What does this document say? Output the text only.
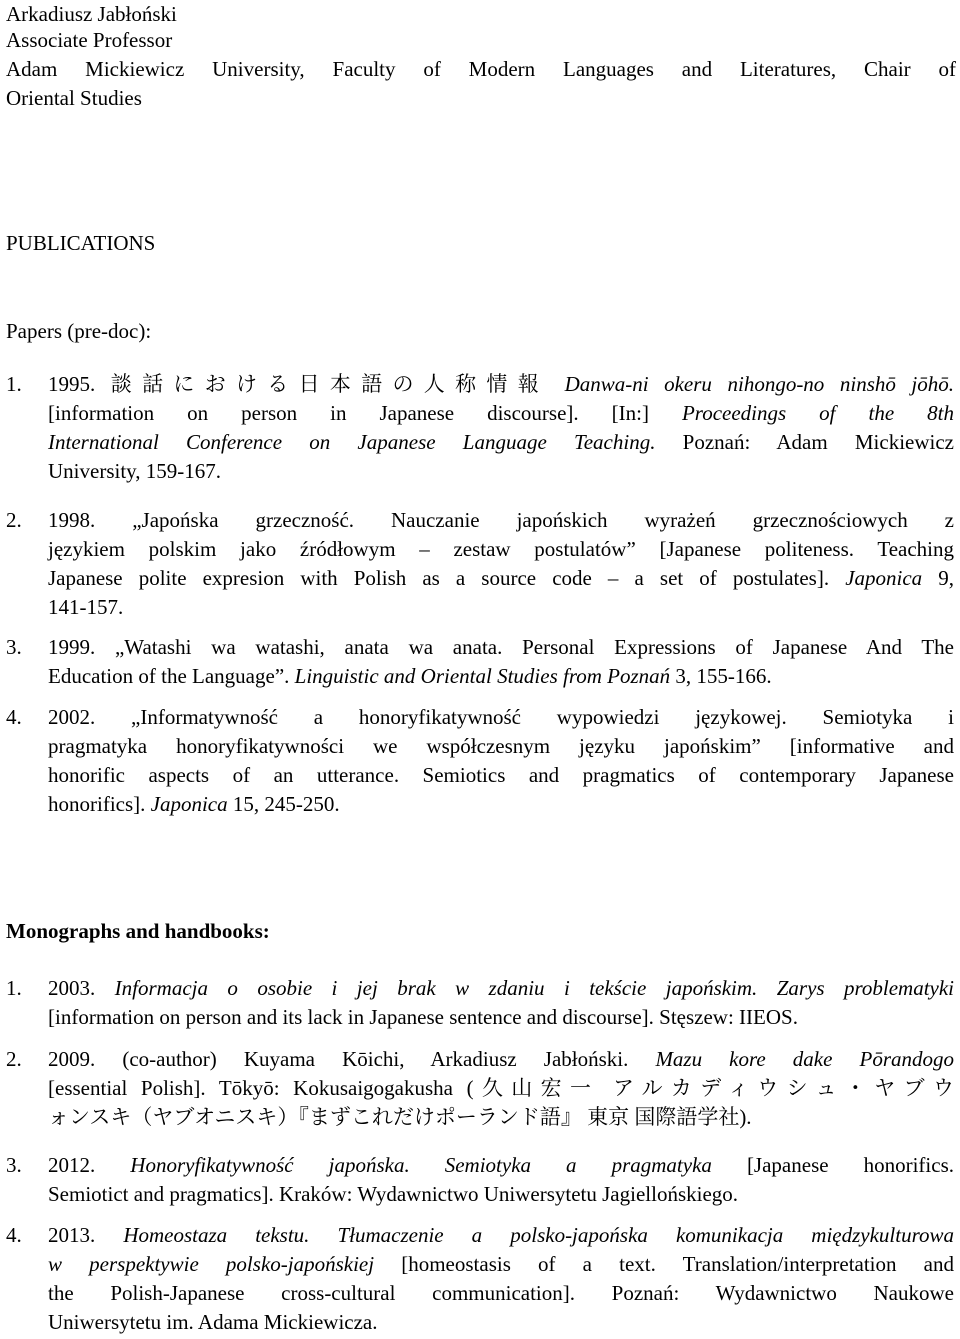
Arkadiusz Jabłoński
Associate Professor
Adam Mickiewicz University, Faculty of Modern Languages and Literatures, Chair of
Oriental Studies
PUBLICATIONS
Papers (pre-doc):
1. 1995. 談話における日本語の人称情報 Danwa-ni okeru nihongo-no ninshō jōhō.
[information on person in Japanese discourse]. [In:] Proceedings of the 8th
International Conference on Japanese Language Teaching. Poznań: Adam Mickiewicz
University, 159-167.
2. 1998. „Japońska grzeczność. Nauczanie japońskich wyrażeń grzecznościowych z
językiem polskim jako źródłowym – zestaw postulatów” [Japanese politeness. Teaching
Japanese polite expresion with Polish as a source code – a set of postulates]. Japonica 9,
141-157.
3. 1999. „Watashi wa watashi, anata wa anata. Personal Expressions of Japanese And The
Education of the Language”. Linguistic and Oriental Studies from Poznań 3, 155-166.
4. 2002. „Informatywność a honoryfikatywność wypowiedzi językowej. Semiotyka i
pragmatyka honoryfikatywności we współczesnym języku japońskim” [informative and
honorific aspects of an utterance. Semiotics and pragmatics of contemporary Japanese
honorifics]. Japonica 15, 245-250.
Monographs and handbooks:
1. 2003. Informacja o osobie i jej brak w zdaniu i tekście japońskim. Zarys problematyki
[information on person and its lack in Japanese sentence and discourse]. Stęszew: IIEOS.
2. 2009. (co-author) Kuyama Kōichi, Arkadiusz Jabłoński. Mazu kore dake Pōrandogo
[essential Polish]. Tōkyō: Kokusaigogakusha (久山宏一 アルカディウシュ・ヤブウ
ォンスキ（ヤブオニスキ）『まずこれだけポーランド語』 東京 国際語学社).
3. 2012. Honoryfikatywność japońska. Semiotyka a pragmatyka [Japanese honorifics.
Semiotict and pragmatics]. Kraków: Wydawnictwo Uniwersytetu Jagiellońskiego.
4. 2013. Homeostaza tekstu. Tłumaczenie a polsko-japońska komunikacja międzykulturowa
w perspektywie polsko-japońskiej [homeostasis of a text. Translation/interpretation and
the Polish-Japanese cross-cultural communication]. Poznań: Wydawnictwo Naukowe
Uniwersytetu im. Adama Mickiewicza.
